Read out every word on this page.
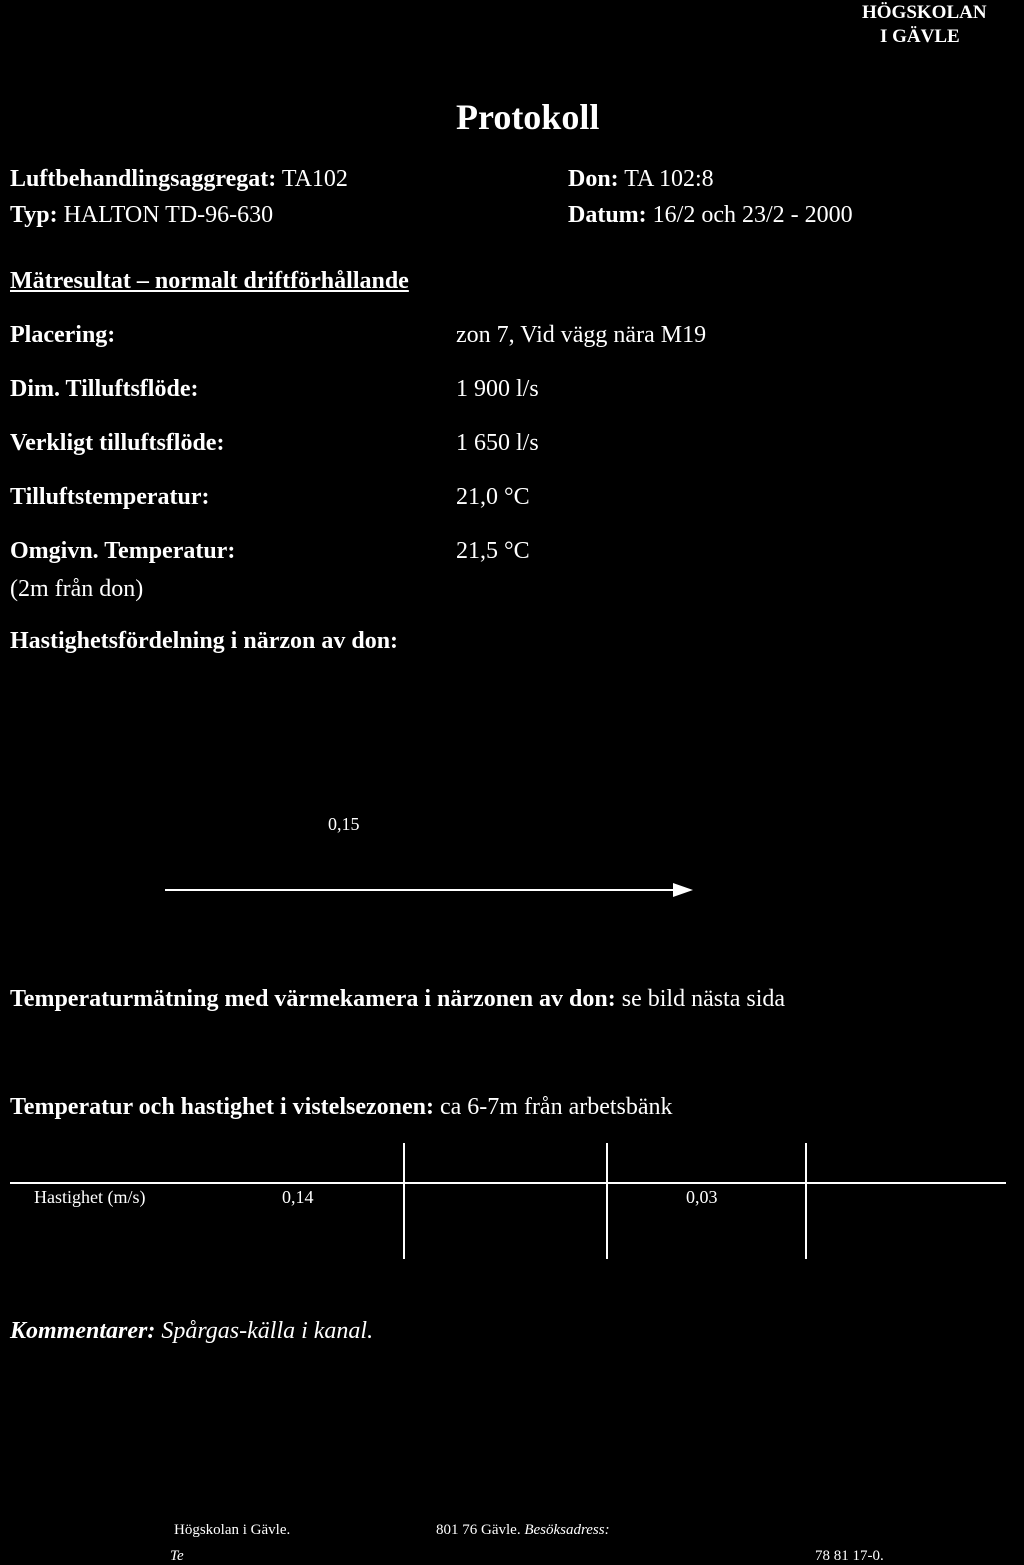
HÖGSKOLAN
I GÄVLE
Protokoll
Luftbehandlingsaggregat: TA102
Typ: HALTON TD-96-630
Don: TA 102:8
Datum: 16/2 och 23/2 - 2000
Mätresultat – normalt driftförhållande
Placering:	zon 7, Vid vägg nära M19
Dim. Tilluftsflöde:	1 900 l/s
Verkligt tilluftsflöde:	1 650 l/s
Tilluftstemperatur:	21,0 °C
Omgivn. Temperatur:	21,5 °C
(2m från don)
Hastighetsfördelning i närzon av don:
0,15
Temperaturmätning med värmekamera i närzonen av don: se bild nästa sida
Temperatur och hastighet i vistelsezonen: ca 6-7m från arbetsbänk
Hastighet (m/s)	0,14	0,03
Kommentarer: Spårgas-källa i kanal.
Högskolan i Gävle.	801 76 Gävle. Besöksadress:
Te	78 81 17-0.
